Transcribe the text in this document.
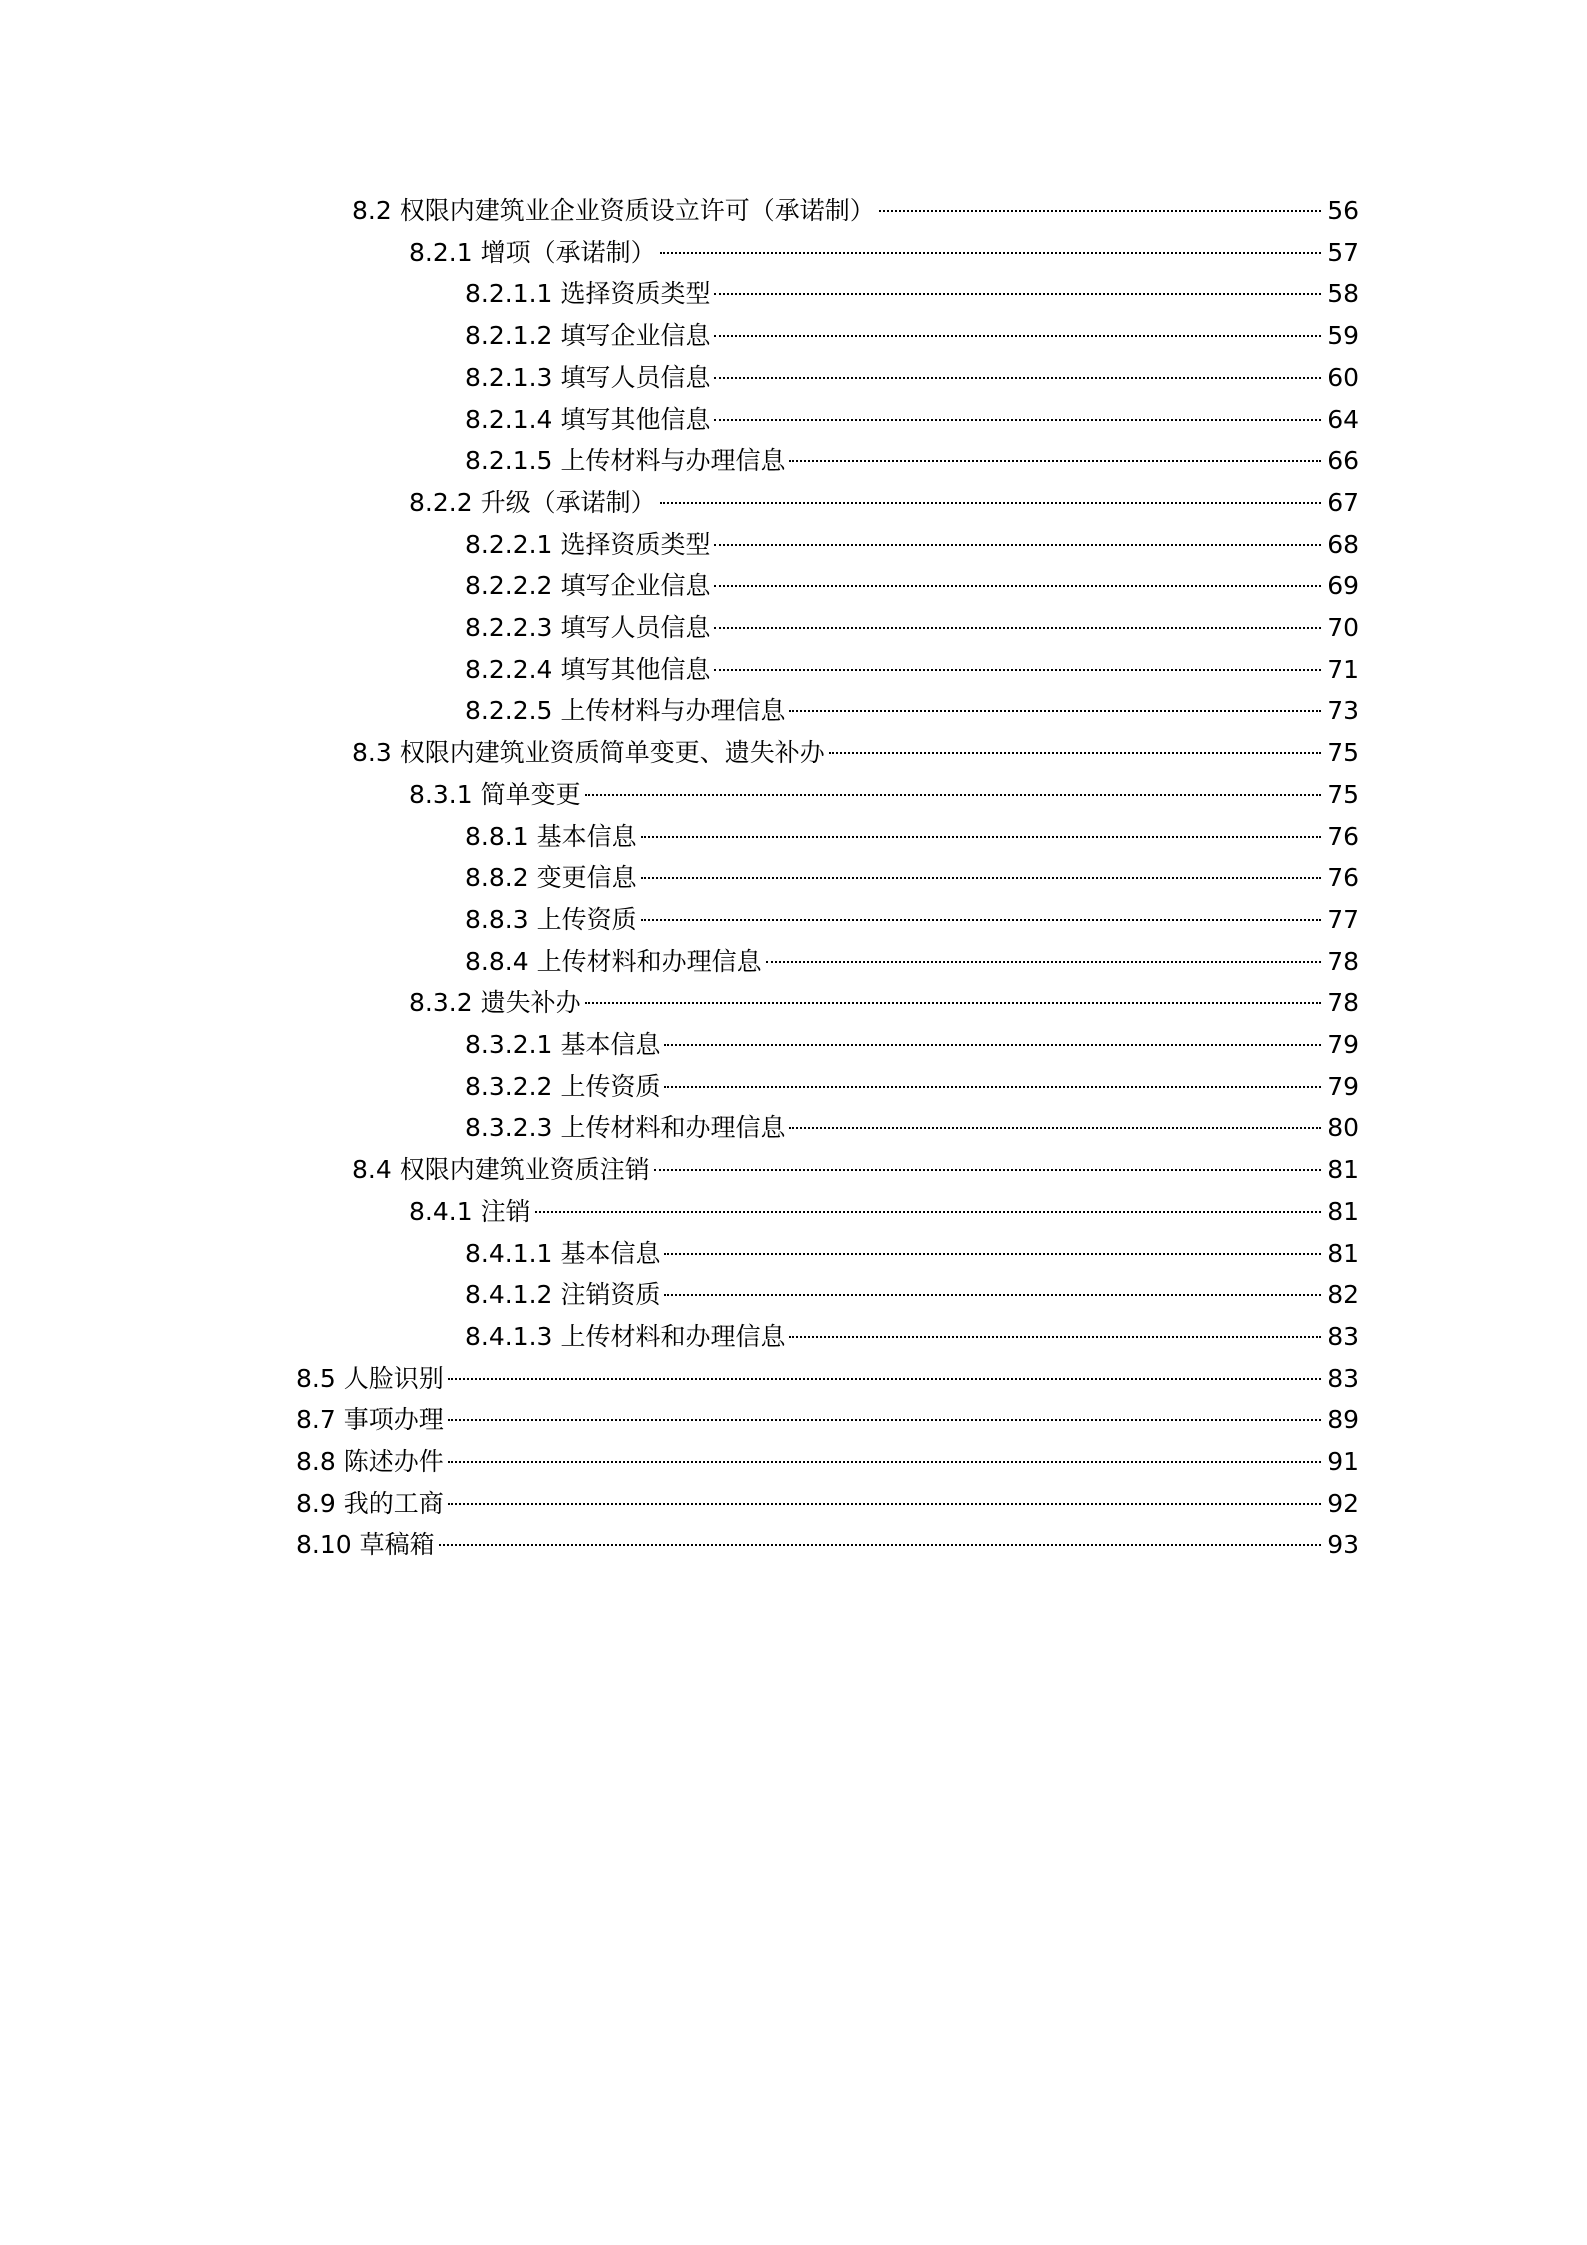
8.2 权限内建筑业企业资质设立许可（承诺制）	56
8.2.1 增项（承诺制）	57
8.2.1.1 选择资质类型	58
8.2.1.2 填写企业信息	59
8.2.1.3 填写人员信息	60
8.2.1.4 填写其他信息	64
8.2.1.5 上传材料与办理信息	66
8.2.2 升级（承诺制）	67
8.2.2.1 选择资质类型	68
8.2.2.2 填写企业信息	69
8.2.2.3 填写人员信息	70
8.2.2.4 填写其他信息	71
8.2.2.5 上传材料与办理信息	73
8.3 权限内建筑业资质简单变更、遗失补办	75
8.3.1 简单变更	75
8.8.1 基本信息	76
8.8.2 变更信息	76
8.8.3 上传资质	77
8.8.4 上传材料和办理信息	78
8.3.2 遗失补办	78
8.3.2.1 基本信息	79
8.3.2.2 上传资质	79
8.3.2.3 上传材料和办理信息	80
8.4 权限内建筑业资质注销	81
8.4.1 注销	81
8.4.1.1 基本信息	81
8.4.1.2 注销资质	82
8.4.1.3 上传材料和办理信息	83
8.5 人脸识别	83
8.7 事项办理	89
8.8 陈述办件	91
8.9 我的工商	92
8.10 草稿箱	93
